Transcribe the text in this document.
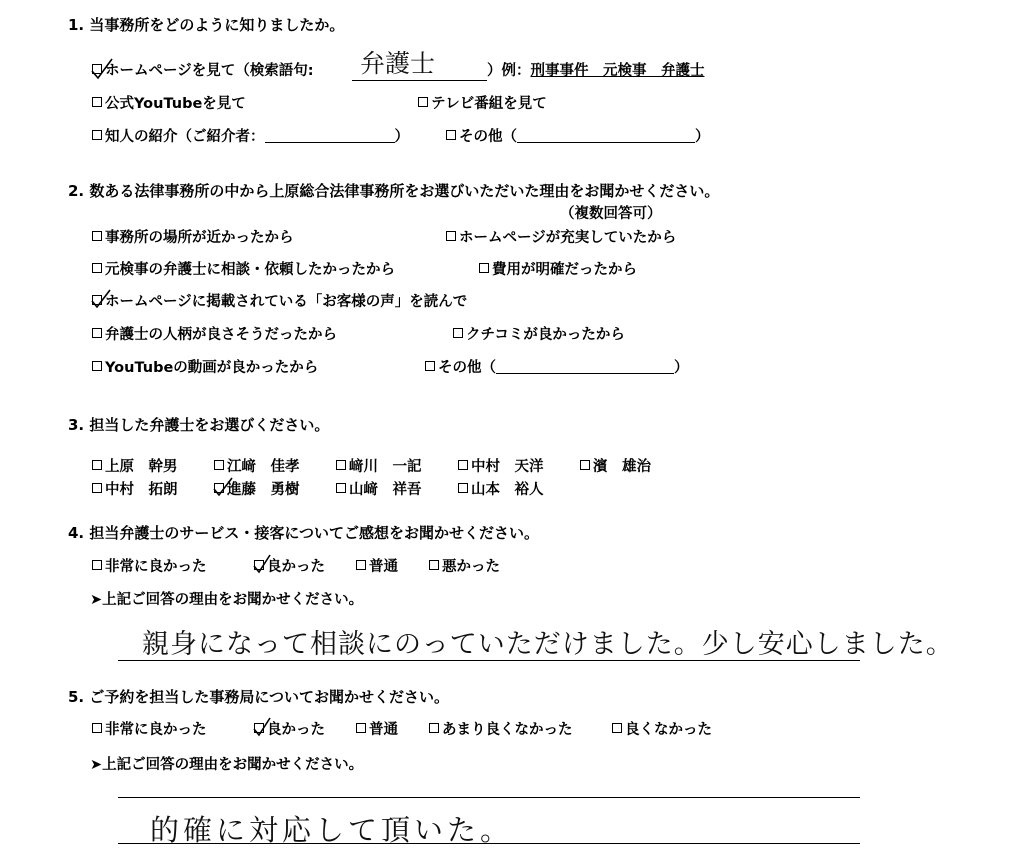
1. 当事務所をどのように知りましたか。
ホームページを見て（検索語句: 弁護士	）例：刑事事件　元検事　弁護士
公式YouTubeを見て	テレビ番組を見て
知人の紹介（ご紹介者：	）	その他（	）
2. 数ある法律事務所の中から上原総合法律事務所をお選びいただいた理由をお聞かせください。
（複数回答可）
事務所の場所が近かったから	ホームページが充実していたから
元検事の弁護士に相談・依頼したかったから	費用が明確だったから
ホームページに掲載されている「お客様の声」を読んで
弁護士の人柄が良さそうだったから	クチコミが良かったから
YouTubeの動画が良かったから	その他（	）
3. 担当した弁護士をお選びください。
上原　幹男	江﨑　佳孝	﨑川　一記	中村　天洋	濱　雄治
中村　拓朗	進藤　勇樹	山﨑　祥吾	山本　裕人
4. 担当弁護士のサービス・接客についてご感想をお聞かせください。
非常に良かった	良かった	普通	悪かった
➤上記ご回答の理由をお聞かせください。
親身になって相談にのっていただけました。少し安心しました。
5. ご予約を担当した事務局についてお聞かせください。
非常に良かった	良かった	普通	あまり良くなかった	良くなかった
➤上記ご回答の理由をお聞かせください。
的確に対応して頂いた。
